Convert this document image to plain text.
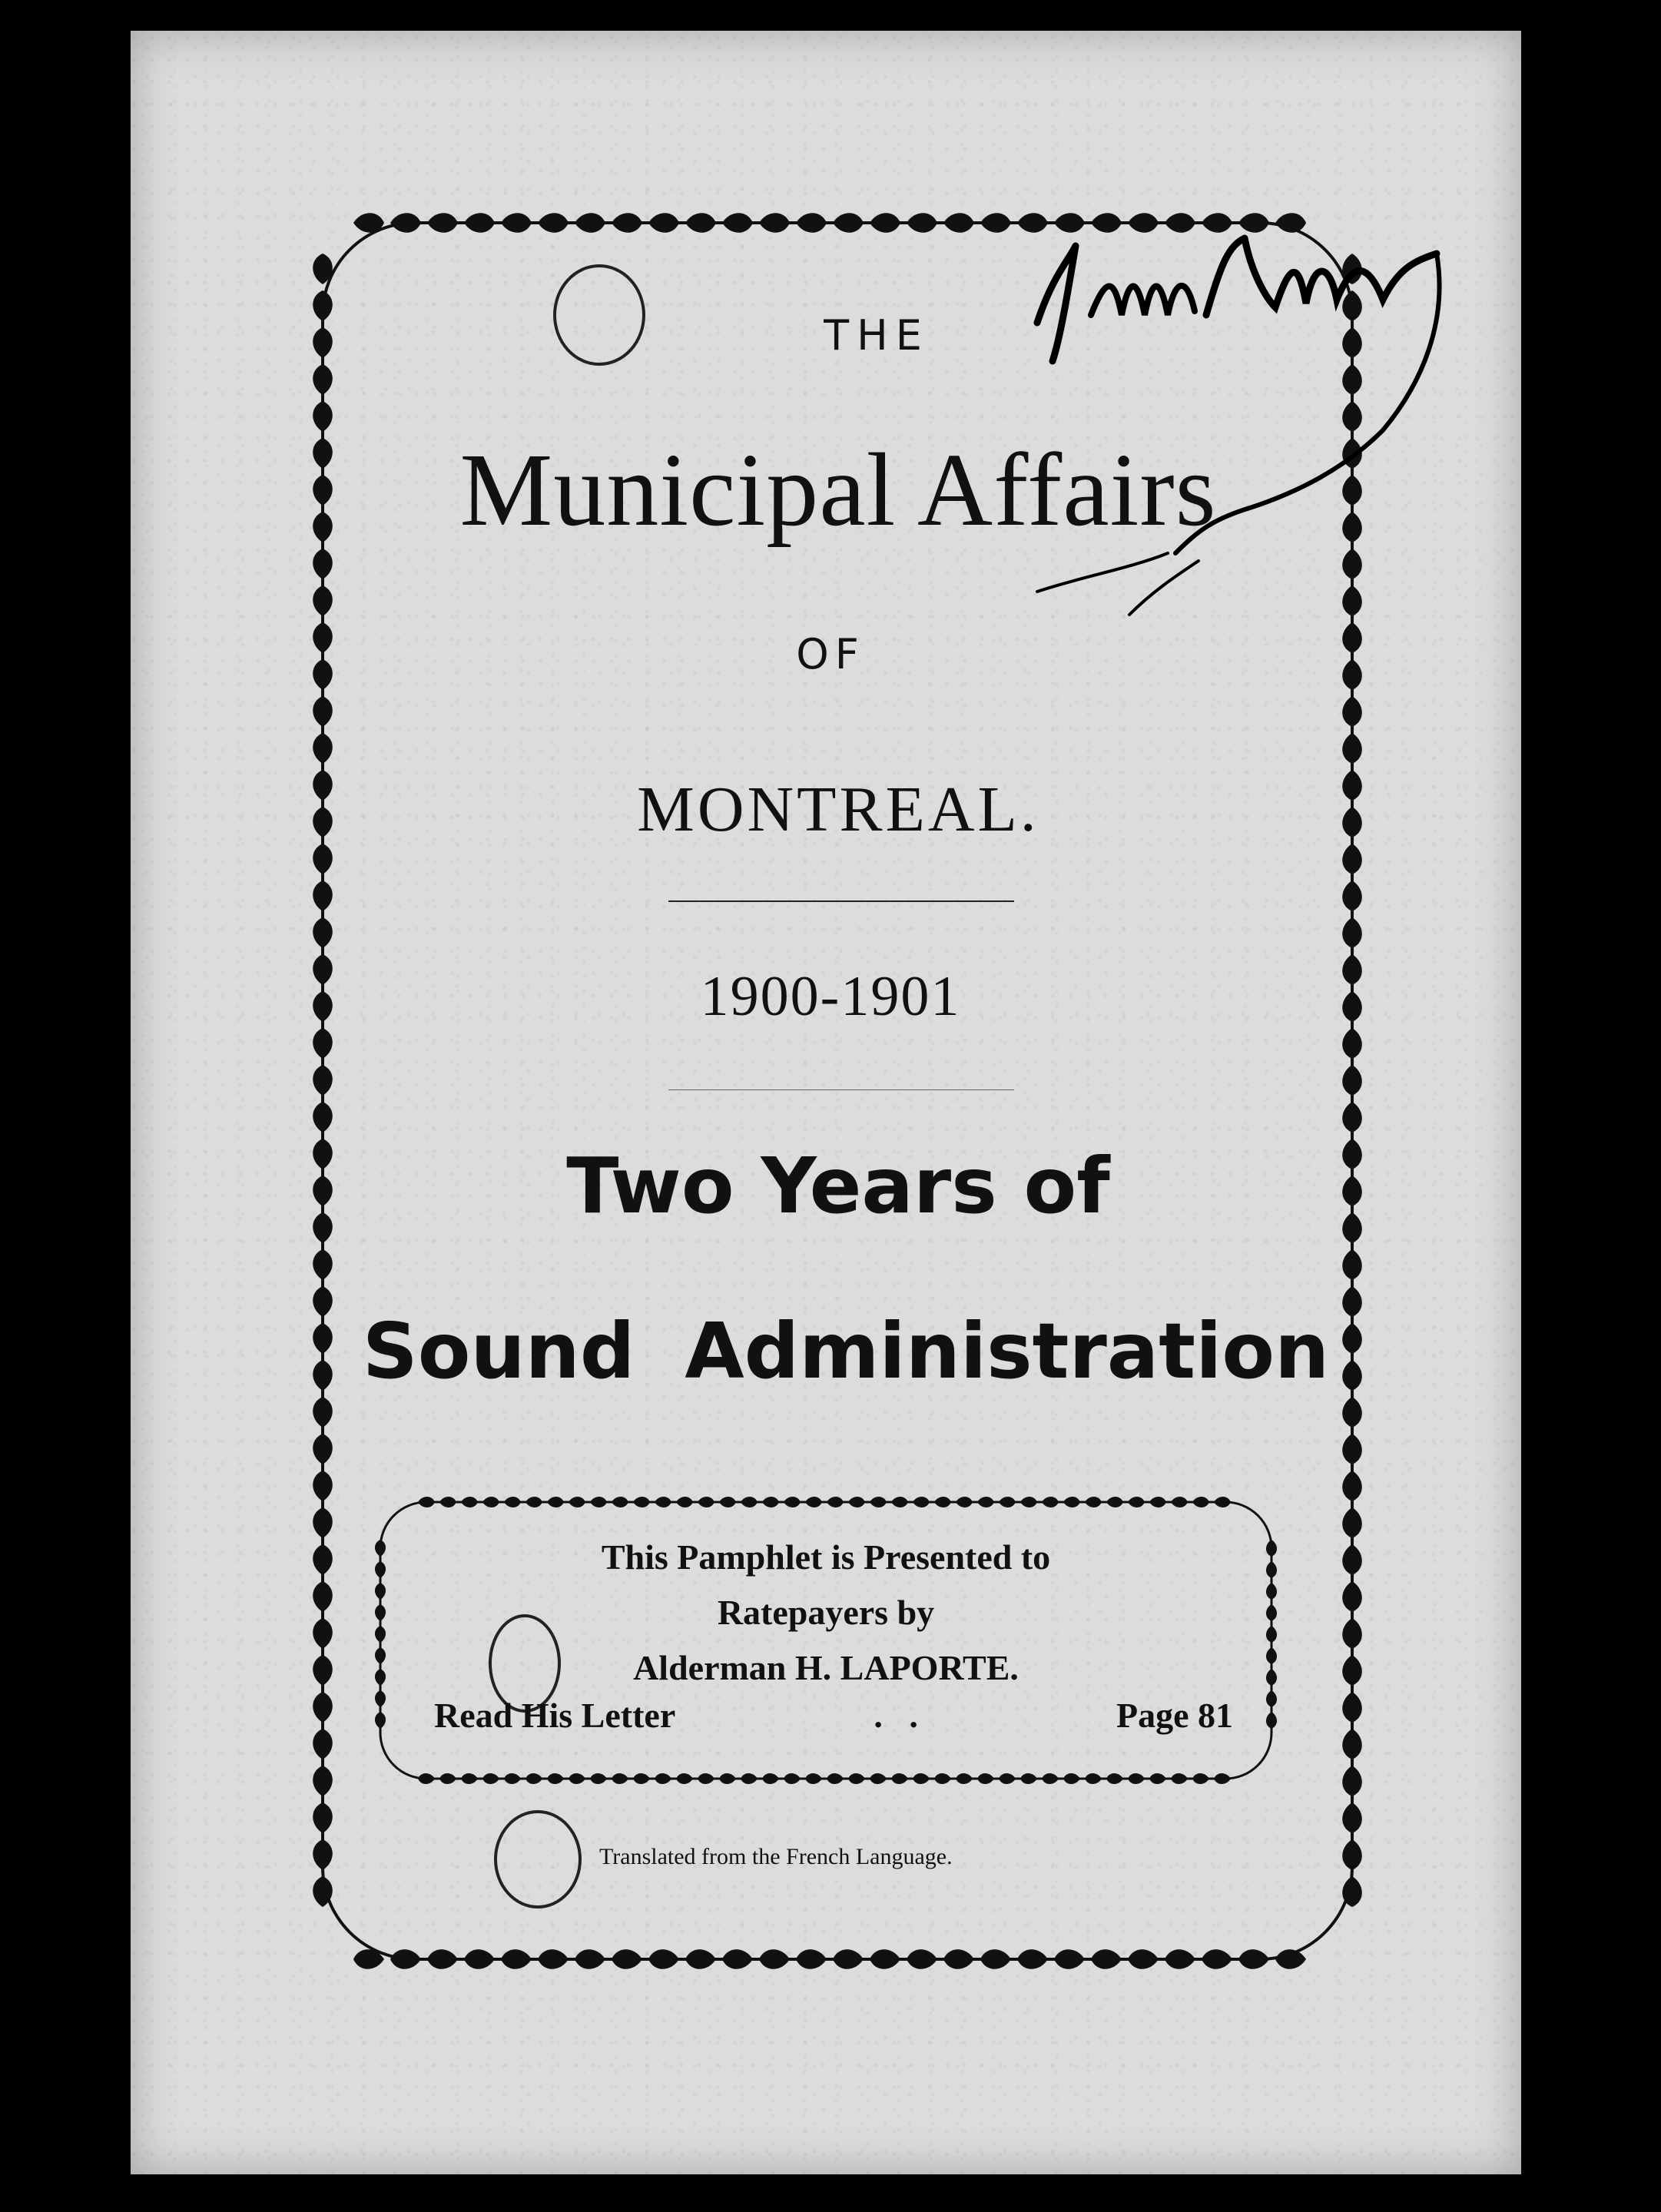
THE

Municipal Affairs

OF

MONTREAL.

1900-1901

Two Years of

Sound Administration

This Pamphlet is Presented to

Ratepayers by

Alderman H. LAPORTE.

Read His Letter	.   .	Page 81

Translated from the French Language.
